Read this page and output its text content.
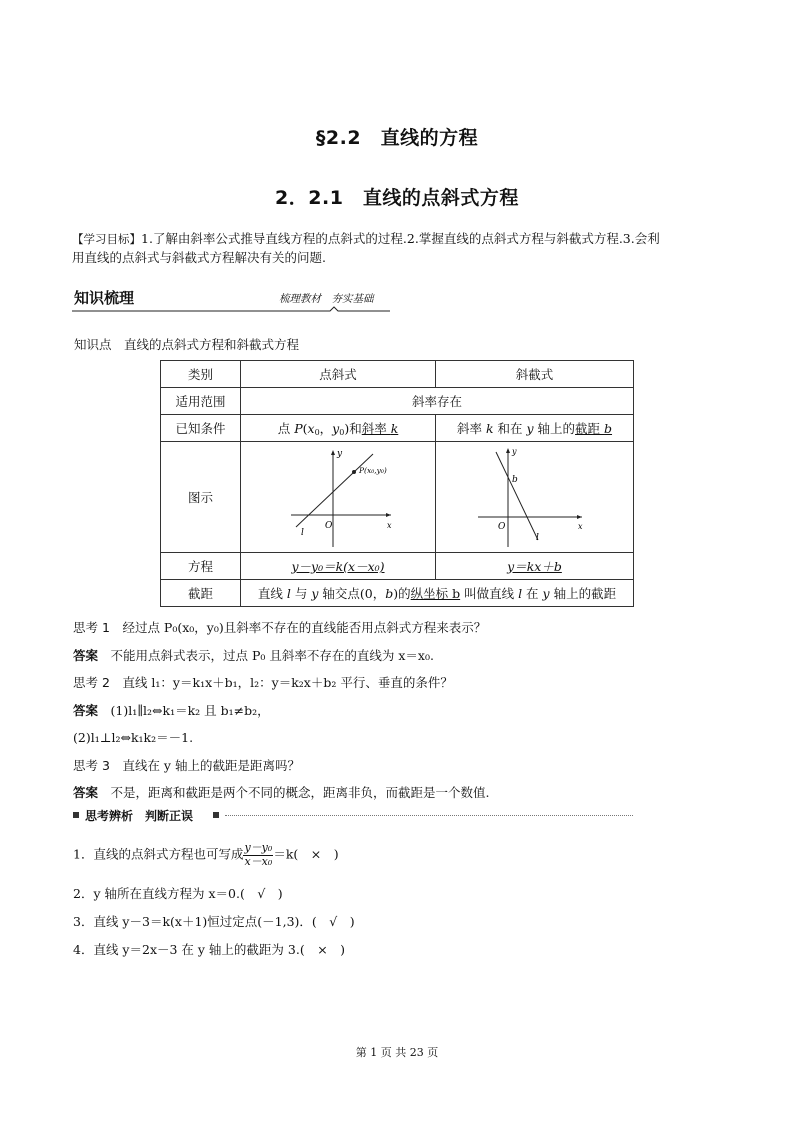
§2.2　直线的方程
2．2.1　直线的点斜式方程
【学习目标】1.了解由斜率公式推导直线方程的点斜式的过程.2.掌握直线的点斜式方程与斜截式方程.3.会利
用直线的点斜式与斜截式方程解决有关的问题.
知识梳理	梳理教材　夯实基础
知识点　直线的点斜式方程和斜截式方程
类别	点斜式	斜截式
适用范围	斜率存在	
已知条件	点 $P(x_0$，$y_0$)和斜率 k	斜率 k 和在 y 轴上的截距 b
图示	y
x
O
l
P(x₀,y₀)	y
x
O
b
l

方程	y－y₀＝k(x－x₀)	y＝kx＋b
截距	直线 l 与 y 轴交点(0，b)的纵坐标 b 叫做直线 l 在 y 轴上的截距	
思考 1　 经过点 P₀(x₀，y₀)且斜率不存在的直线能否用点斜式方程来表示？
答案　 不能用点斜式表示，过点 P₀ 且斜率不存在的直线为 x＝x₀.
思考 2　 直线 l₁：y＝k₁x＋b₁，l₂：y＝k₂x＋b₂ 平行、垂直的条件？
答案　 (1)l₁∥l₂⇔k₁＝k₂ 且 b₁≠b₂，
(2)l₁⊥l₂⇔k₁k₂＝－1.
思考 3　 直线在 y 轴上的截距是距离吗？
答案　 不是，距离和截距是两个不同的概念，距离非负，而截距是一个数值.
思考辨析　判断正误
1．直线的点斜式方程也可写成 $\frac{\text{y－y₀}}{\text{x－x₀}} =k$(　×　)
2．y 轴所在直线方程为 x＝0.(　√　)
3．直线 y－3＝k(x＋1)恒过定点(－1,3)．(　√　)
4．直线 y＝2x－3 在 y 轴上的截距为 3.(　×　)
第 1 页 共 23 页
